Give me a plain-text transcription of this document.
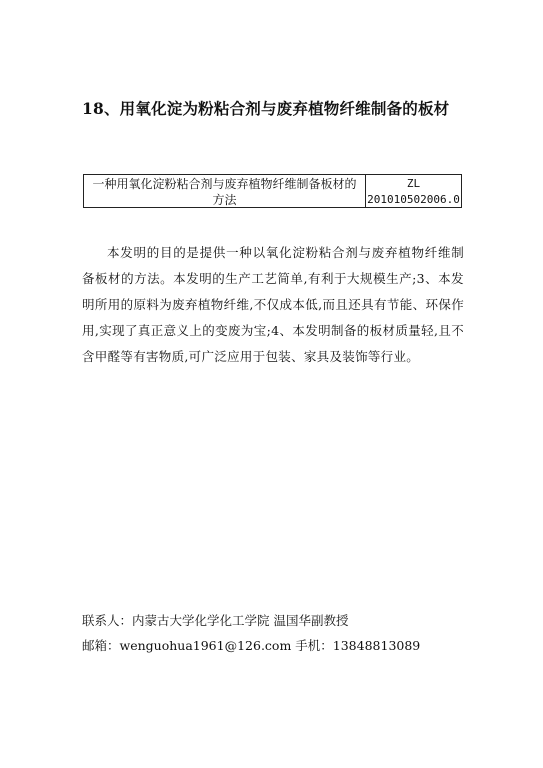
18、用氧化淀为粉粘合剂与废弃植物纤维制备的板材
一种用氧化淀粉粘合剂与废弃植物纤维制备板材的方法
ZL
201010502006.0
本发明的目的是提供一种以氧化淀粉粘合剂与废弃植物纤维制备板材的方法。本发明的生产工艺简单,有利于大规模生产;3、本发明所用的原料为废弃植物纤维,不仅成本低,而且还具有节能、环保作用,实现了真正意义上的变废为宝;4、本发明制备的板材质量轻,且不含甲醛等有害物质,可广泛应用于包装、家具及装饰等行业。
联系人：内蒙古大学化学化工学院 温国华副教授
邮箱：wenguohua1961@126.com 手机：13848813089
